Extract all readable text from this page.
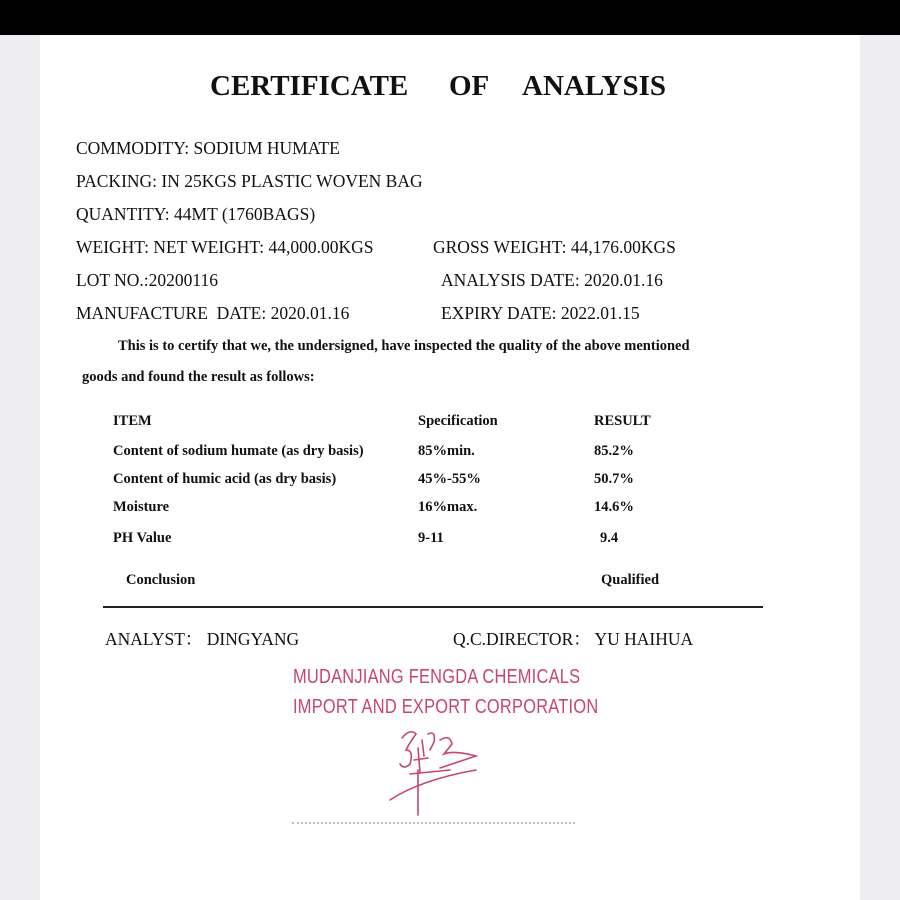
CERTIFICATE OF ANALYSIS
COMMODITY: SODIUM HUMATE
PACKING: IN 25KGS PLASTIC WOVEN BAG
QUANTITY: 44MT (1760BAGS)
WEIGHT: NET WEIGHT: 44,000.00KGS	GROSS WEIGHT: 44,176.00KGS
LOT NO.:20200116	ANALYSIS DATE: 2020.01.16
MANUFACTURE  DATE: 2020.01.16	EXPIRY DATE: 2022.01.15
This is to certify that we, the undersigned, have inspected the quality of the above mentioned
goods and found the result as follows:
ITEM	Specification	RESULT
Content of sodium humate (as dry basis)	85%min.	85.2%
Content of humic acid (as dry basis)	45%-55%	50.7%
Moisture	16%max.	14.6%
PH Value	9-11	9.4
Conclusion	Qualified
ANALYST： DINGYANG	Q.C.DIRECTOR： YU HAIHUA
MUDANJIANG FENGDA CHEMICALS
IMPORT AND EXPORT CORPORATION
